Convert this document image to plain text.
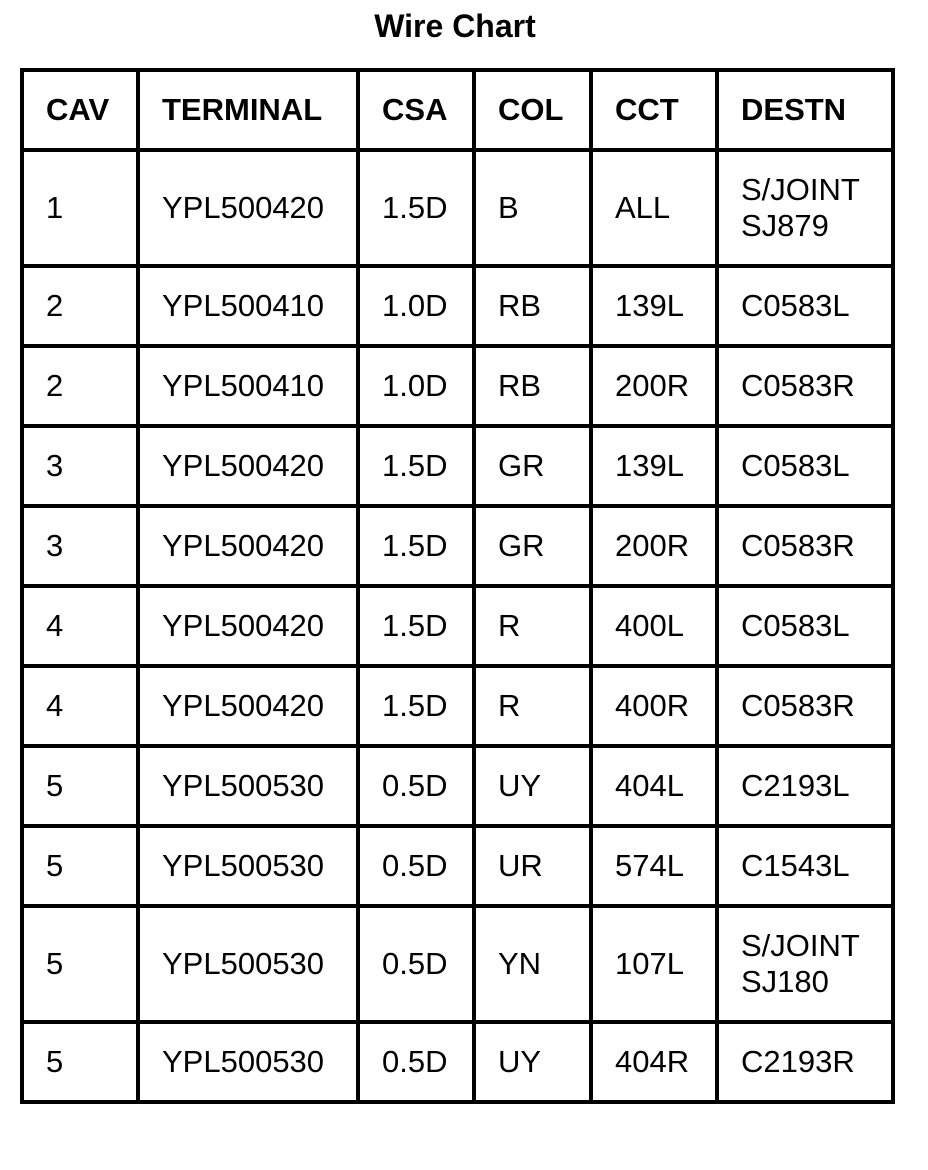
Wire Chart
CAV	TERMINAL	CSA	COL	CCT	DESTN
1	YPL500420	1.5D	B	ALL	S/JOINT
SJ879

2	YPL500410	1.0D	RB	139L	C0583L

2	YPL500410	1.0D	RB	200R	C0583R

3	YPL500420	1.5D	GR	139L	C0583L

3	YPL500420	1.5D	GR	200R	C0583R

4	YPL500420	1.5D	R	400L	C0583L

4	YPL500420	1.5D	R	400R	C0583R

5	YPL500530	0.5D	UY	404L	C2193L

5	YPL500530	0.5D	UR	574L	C1543L

5	YPL500530	0.5D	YN	107L	S/JOINT
SJ180

5	YPL500530	0.5D	UY	404R	C2193R
